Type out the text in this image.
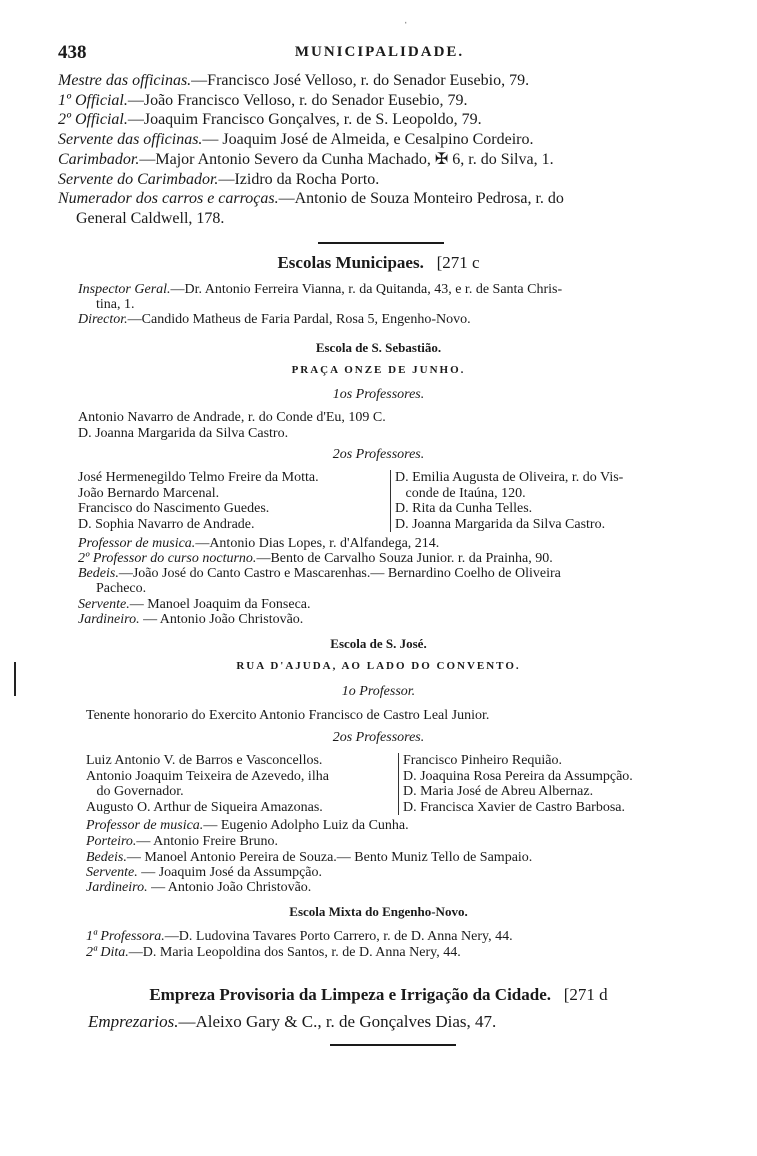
438	MUNICIPALIDADE.
ˈ
Mestre das officinas.—Francisco José Velloso, r. do Senador Eusebio, 79.
1º Official.—João Francisco Velloso, r. do Senador Eusebio, 79.
2º Official.—Joaquim Francisco Gonçalves, r. de S. Leopoldo, 79.
Servente das officinas.— Joaquim José de Almeida, e Cesalpino Cordeiro.
Carimbador.—Major Antonio Severo da Cunha Machado, ✠ 6, r. do Silva, 1.
Servente do Carimbador.—Izidro da Rocha Porto.
Numerador dos carros e carroças.—Antonio de Souza Monteiro Pedrosa, r. do
General Caldwell, 178.
Escolas Municipaes. [271 c
Inspector Geral.—Dr. Antonio Ferreira Vianna, r. da Quitanda, 43, e r. de Santa Chris-
tina, 1.
Director.—Candido Matheus de Faria Pardal, Rosa 5, Engenho-Novo.
Escola de S. Sebastião.
PRAÇA ONZE DE JUNHO.
1os Professores.
Antonio Navarro de Andrade, r. do Conde d'Eu, 109 C.
D. Joanna Margarida da Silva Castro.
2os Professores.
José Hermenegildo Telmo Freire da Motta.
João Bernardo Marcenal.
Francisco do Nascimento Guedes.
D. Sophia Navarro de Andrade.
D. Emilia Augusta de Oliveira, r. do Vis-
conde de Itaúna, 120.
D. Rita da Cunha Telles.
D. Joanna Margarida da Silva Castro.
Professor de musica.—Antonio Dias Lopes, r. d'Alfandega, 214.
2º Professor do curso nocturno.—Bento de Carvalho Souza Junior. r. da Prainha, 90.
Bedeis.—João José do Canto Castro e Mascarenhas.— Bernardino Coelho de Oliveira
Pacheco.
Servente.— Manoel Joaquim da Fonseca.
Jardineiro. — Antonio João Christovão.
Escola de S. José.
RUA D'AJUDA, AO LADO DO CONVENTO.
1o Professor.
Tenente honorario do Exercito Antonio Francisco de Castro Leal Junior.
2os Professores.
Luiz Antonio V. de Barros e Vasconcellos.
Antonio Joaquim Teixeira de Azevedo, ilha
do Governador.
Augusto O. Arthur de Siqueira Amazonas.
Francisco Pinheiro Requião.
D. Joaquina Rosa Pereira da Assumpção.
D. Maria José de Abreu Albernaz.
D. Francisca Xavier de Castro Barbosa.
Professor de musica.— Eugenio Adolpho Luiz da Cunha.
Porteiro.— Antonio Freire Bruno.
Bedeis.— Manoel Antonio Pereira de Souza.— Bento Muniz Tello de Sampaio.
Servente. — Joaquim José da Assumpção.
Jardineiro. — Antonio João Christovão.
Escola Mixta do Engenho-Novo.
1ª Professora.—D. Ludovina Tavares Porto Carrero, r. de D. Anna Nery, 44.
2ª Dita.—D. Maria Leopoldina dos Santos, r. de D. Anna Nery, 44.
Empreza Provisoria da Limpeza e Irrigação da Cidade. [271 d
Emprezarios.—Aleixo Gary & C., r. de Gonçalves Dias, 47.
